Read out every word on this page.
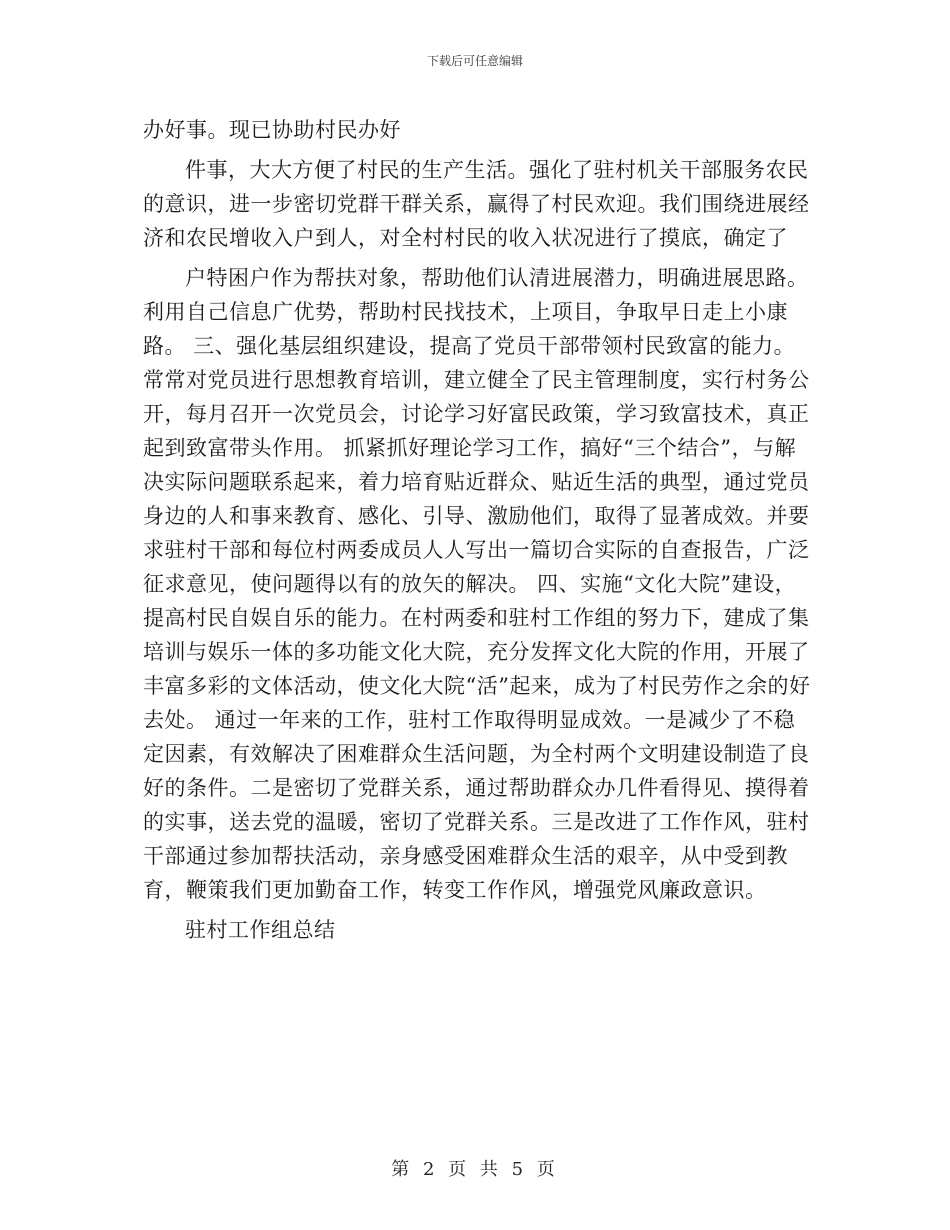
下载后可任意编辑

办好事。现已协助村民办好

件事，大大方便了村民的生产生活。强化了驻村机关干部服务农民的意识，进一步密切党群干群关系，赢得了村民欢迎。我们围绕进展经济和农民增收入户到人，对全村村民的收入状况进行了摸底，确定了

户特困户作为帮扶对象，帮助他们认清进展潜力，明确进展思路。利用自己信息广优势，帮助村民找技术，上项目，争取早日走上小康路。 三、强化基层组织建设，提高了党员干部带领村民致富的能力。常常对党员进行思想教育培训，建立健全了民主管理制度，实行村务公开，每月召开一次党员会，讨论学习好富民政策，学习致富技术，真正起到致富带头作用。 抓紧抓好理论学习工作，搞好“三个结合”，与解决实际问题联系起来，着力培育贴近群众、贴近生活的典型，通过党员身边的人和事来教育、感化、引导、激励他们，取得了显著成效。并要求驻村干部和每位村两委成员人人写出一篇切合实际的自查报告，广泛征求意见，使问题得以有的放矢的解决。 四、实施“文化大院”建设，提高村民自娱自乐的能力。在村两委和驻村工作组的努力下，建成了集培训与娱乐一体的多功能文化大院，充分发挥文化大院的作用，开展了丰富多彩的文体活动，使文化大院“活”起来，成为了村民劳作之余的好去处。 通过一年来的工作，驻村工作取得明显成效。一是减少了不稳定因素，有效解决了困难群众生活问题，为全村两个文明建设制造了良好的条件。二是密切了党群关系，通过帮助群众办几件看得见、摸得着的实事，送去党的温暖，密切了党群关系。三是改进了工作作风，驻村干部通过参加帮扶活动，亲身感受困难群众生活的艰辛，从中受到教育，鞭策我们更加勤奋工作，转变工作作风，增强党风廉政意识。

驻村工作组总结

第 2 页 共 5 页
